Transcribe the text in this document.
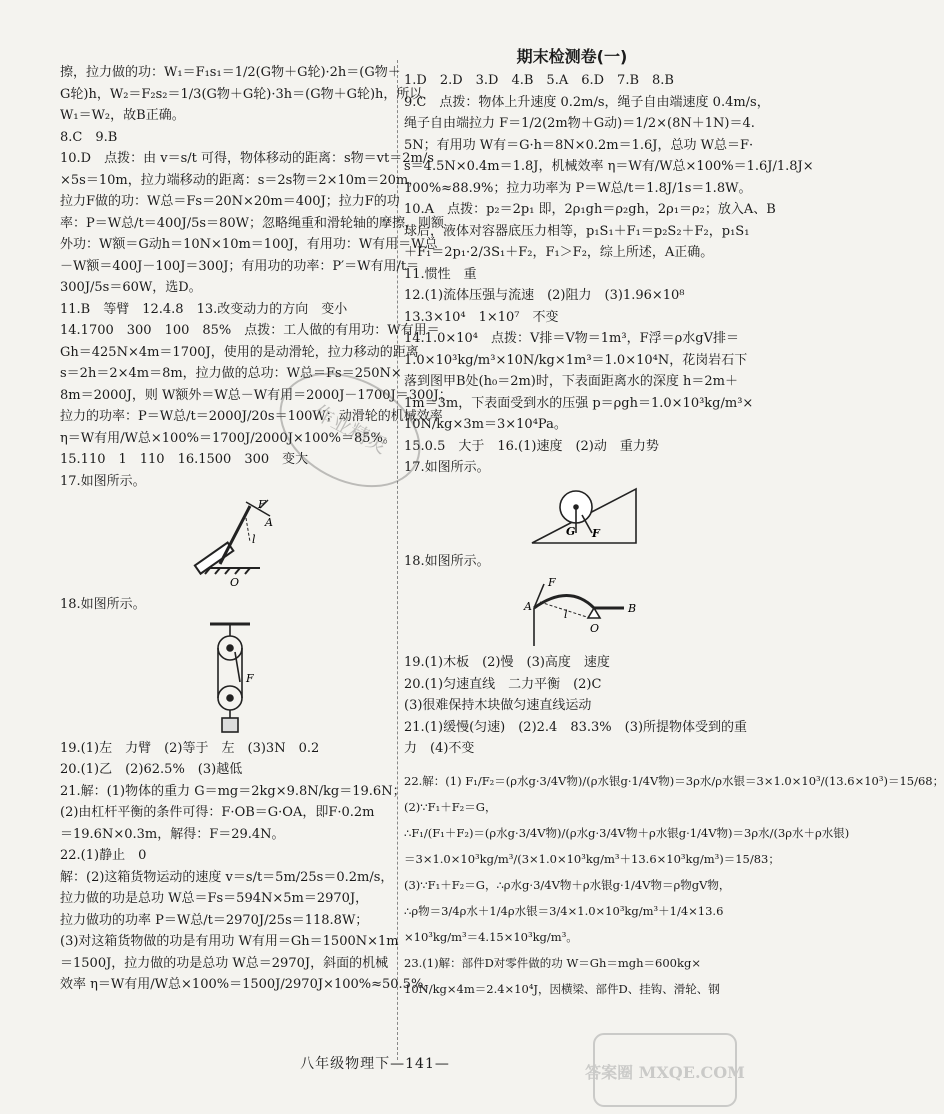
擦，拉力做的功：W₁＝F₁s₁＝1/2(G物＋G轮)·2h＝(G物＋
G轮)h，W₂＝F₂s₂＝1/3(G物＋G轮)·3h＝(G物＋G轮)h，所以
W₁＝W₂，故B正确。
8.C　9.B
10.D　点拨：由 v＝s/t 可得，物体移动的距离：s物＝vt＝2m/s
×5s＝10m，拉力端移动的距离：s＝2s物＝2×10m＝20m，
拉力F做的功：W总＝Fs＝20N×20m＝400J；拉力F的功
率：P＝W总/t＝400J/5s＝80W；忽略绳重和滑轮轴的摩擦，则额
外功：W额＝G动h＝10N×10m＝100J，有用功：W有用＝W总
－W额＝400J－100J＝300J；有用功的功率：P′＝W有用/t＝
300J/5s＝60W，选D。
11.B　等臂　12.4.8　13.改变动力的方向　变小
14.1700　300　100　85%　点拨：工人做的有用功：W有用＝
Gh＝425N×4m＝1700J，使用的是动滑轮，拉力移动的距离
s＝2h＝2×4m＝8m，拉力做的总功：W总＝Fs＝250N×
8m＝2000J，则 W额外＝W总－W有用＝2000J－1700J＝300J；
拉力的功率：P＝W总/t＝2000J/20s＝100W；动滑轮的机械效率
η＝W有用/W总×100%＝1700J/2000J×100%＝85%。
15.110　1　110　16.1500　300　变大
17.如图所示。
F
A
l
O
18.如图所示。
F
19.(1)左　力臂　(2)等于　左　(3)3N　0.2
20.(1)乙　(2)62.5%　(3)越低
21.解：(1)物体的重力 G＝mg＝2kg×9.8N/kg＝19.6N；
(2)由杠杆平衡的条件可得：F·OB＝G·OA，即F·0.2m
＝19.6N×0.3m，解得：F＝29.4N。
22.(1)静止　0
解：(2)这箱货物运动的速度 v＝s/t＝5m/25s＝0.2m/s，
拉力做的功是总功 W总＝Fs＝594N×5m＝2970J，
拉力做功的功率 P＝W总/t＝2970J/25s＝118.8W；
(3)对这箱货物做的功是有用功 W有用＝Gh＝1500N×1m
＝1500J，拉力做的功是总功 W总＝2970J，斜面的机械
效率 η＝W有用/W总×100%＝1500J/2970J×100%≈50.5%。
期末检测卷(一)
1.D　2.D　3.D　4.B　5.A　6.D　7.B　8.B
9.C　点拨：物体上升速度 0.2m/s，绳子自由端速度 0.4m/s，
绳子自由端拉力 F＝1/2(2m物＋G动)＝1/2×(8N＋1N)＝4.
5N；有用功 W有＝G·h＝8N×0.2m＝1.6J，总功 W总＝F·
s＝4.5N×0.4m＝1.8J，机械效率 η＝W有/W总×100%＝1.6J/1.8J×
100%≈88.9%；拉力功率为 P＝W总/t＝1.8J/1s＝1.8W。
10.A　点拨：p₂＝2p₁ 即，2ρ₁gh＝ρ₂gh，2ρ₁＝ρ₂；放入A、B
球后，液体对容器底压力相等，p₁S₁＋F₁＝p₂S₂＋F₂，p₁S₁
＋F₁＝2p₁·2/3S₁＋F₂，F₁＞F₂，综上所述，A正确。
11.惯性　重
12.(1)流体压强与流速　(2)阻力　(3)1.96×10⁸
13.3×10⁴　1×10⁷　不变
14.1.0×10⁴　点拨：V排＝V物＝1m³，F浮＝ρ水gV排＝
1.0×10³kg/m³×10N/kg×1m³＝1.0×10⁴N，花岗岩石下
落到图甲B处(h₀＝2m)时，下表面距离水的深度 h＝2m＋
1m＝3m，下表面受到水的压强 p＝ρgh＝1.0×10³kg/m³×
10N/kg×3m＝3×10⁴Pa。
15.0.5　大于　16.(1)速度　(2)动　重力势
17.如图所示。
G F
18.如图所示。
F
A
l
O
B
19.(1)木板　(2)慢　(3)高度　速度
20.(1)匀速直线　二力平衡　(2)C
(3)很难保持木块做匀速直线运动
21.(1)缓慢(匀速)　(2)2.4　83.3%　(3)所提物体受到的重
力　(4)不变
22.解：(1) F₁/F₂＝(ρ水g·3/4V物)/(ρ水银g·1/4V物)＝3ρ水/ρ水银＝3×1.0×10³/(13.6×10³)＝15/68；
(2)∵F₁＋F₂＝G，
∴F₁/(F₁＋F₂)＝(ρ水g·3/4V物)/(ρ水g·3/4V物＋ρ水银g·1/4V物)＝3ρ水/(3ρ水＋ρ水银)
＝3×1.0×10³kg/m³/(3×1.0×10³kg/m³＋13.6×10³kg/m³)＝15/83；
(3)∵F₁＋F₂＝G，∴ρ水g·3/4V物＋ρ水银g·1/4V物＝ρ物gV物，
∴ρ物＝3/4ρ水＋1/4ρ水银＝3/4×1.0×10³kg/m³＋1/4×13.6
×10³kg/m³＝4.15×10³kg/m³。
23.(1)解：部件D对零件做的功 W＝Gh＝mgh＝600kg×
10N/kg×4m＝2.4×10⁴J，因横梁、部件D、挂钩、滑轮、钢
作业精灵
八年级物理下—141—	答案圈 MXQE.COM
